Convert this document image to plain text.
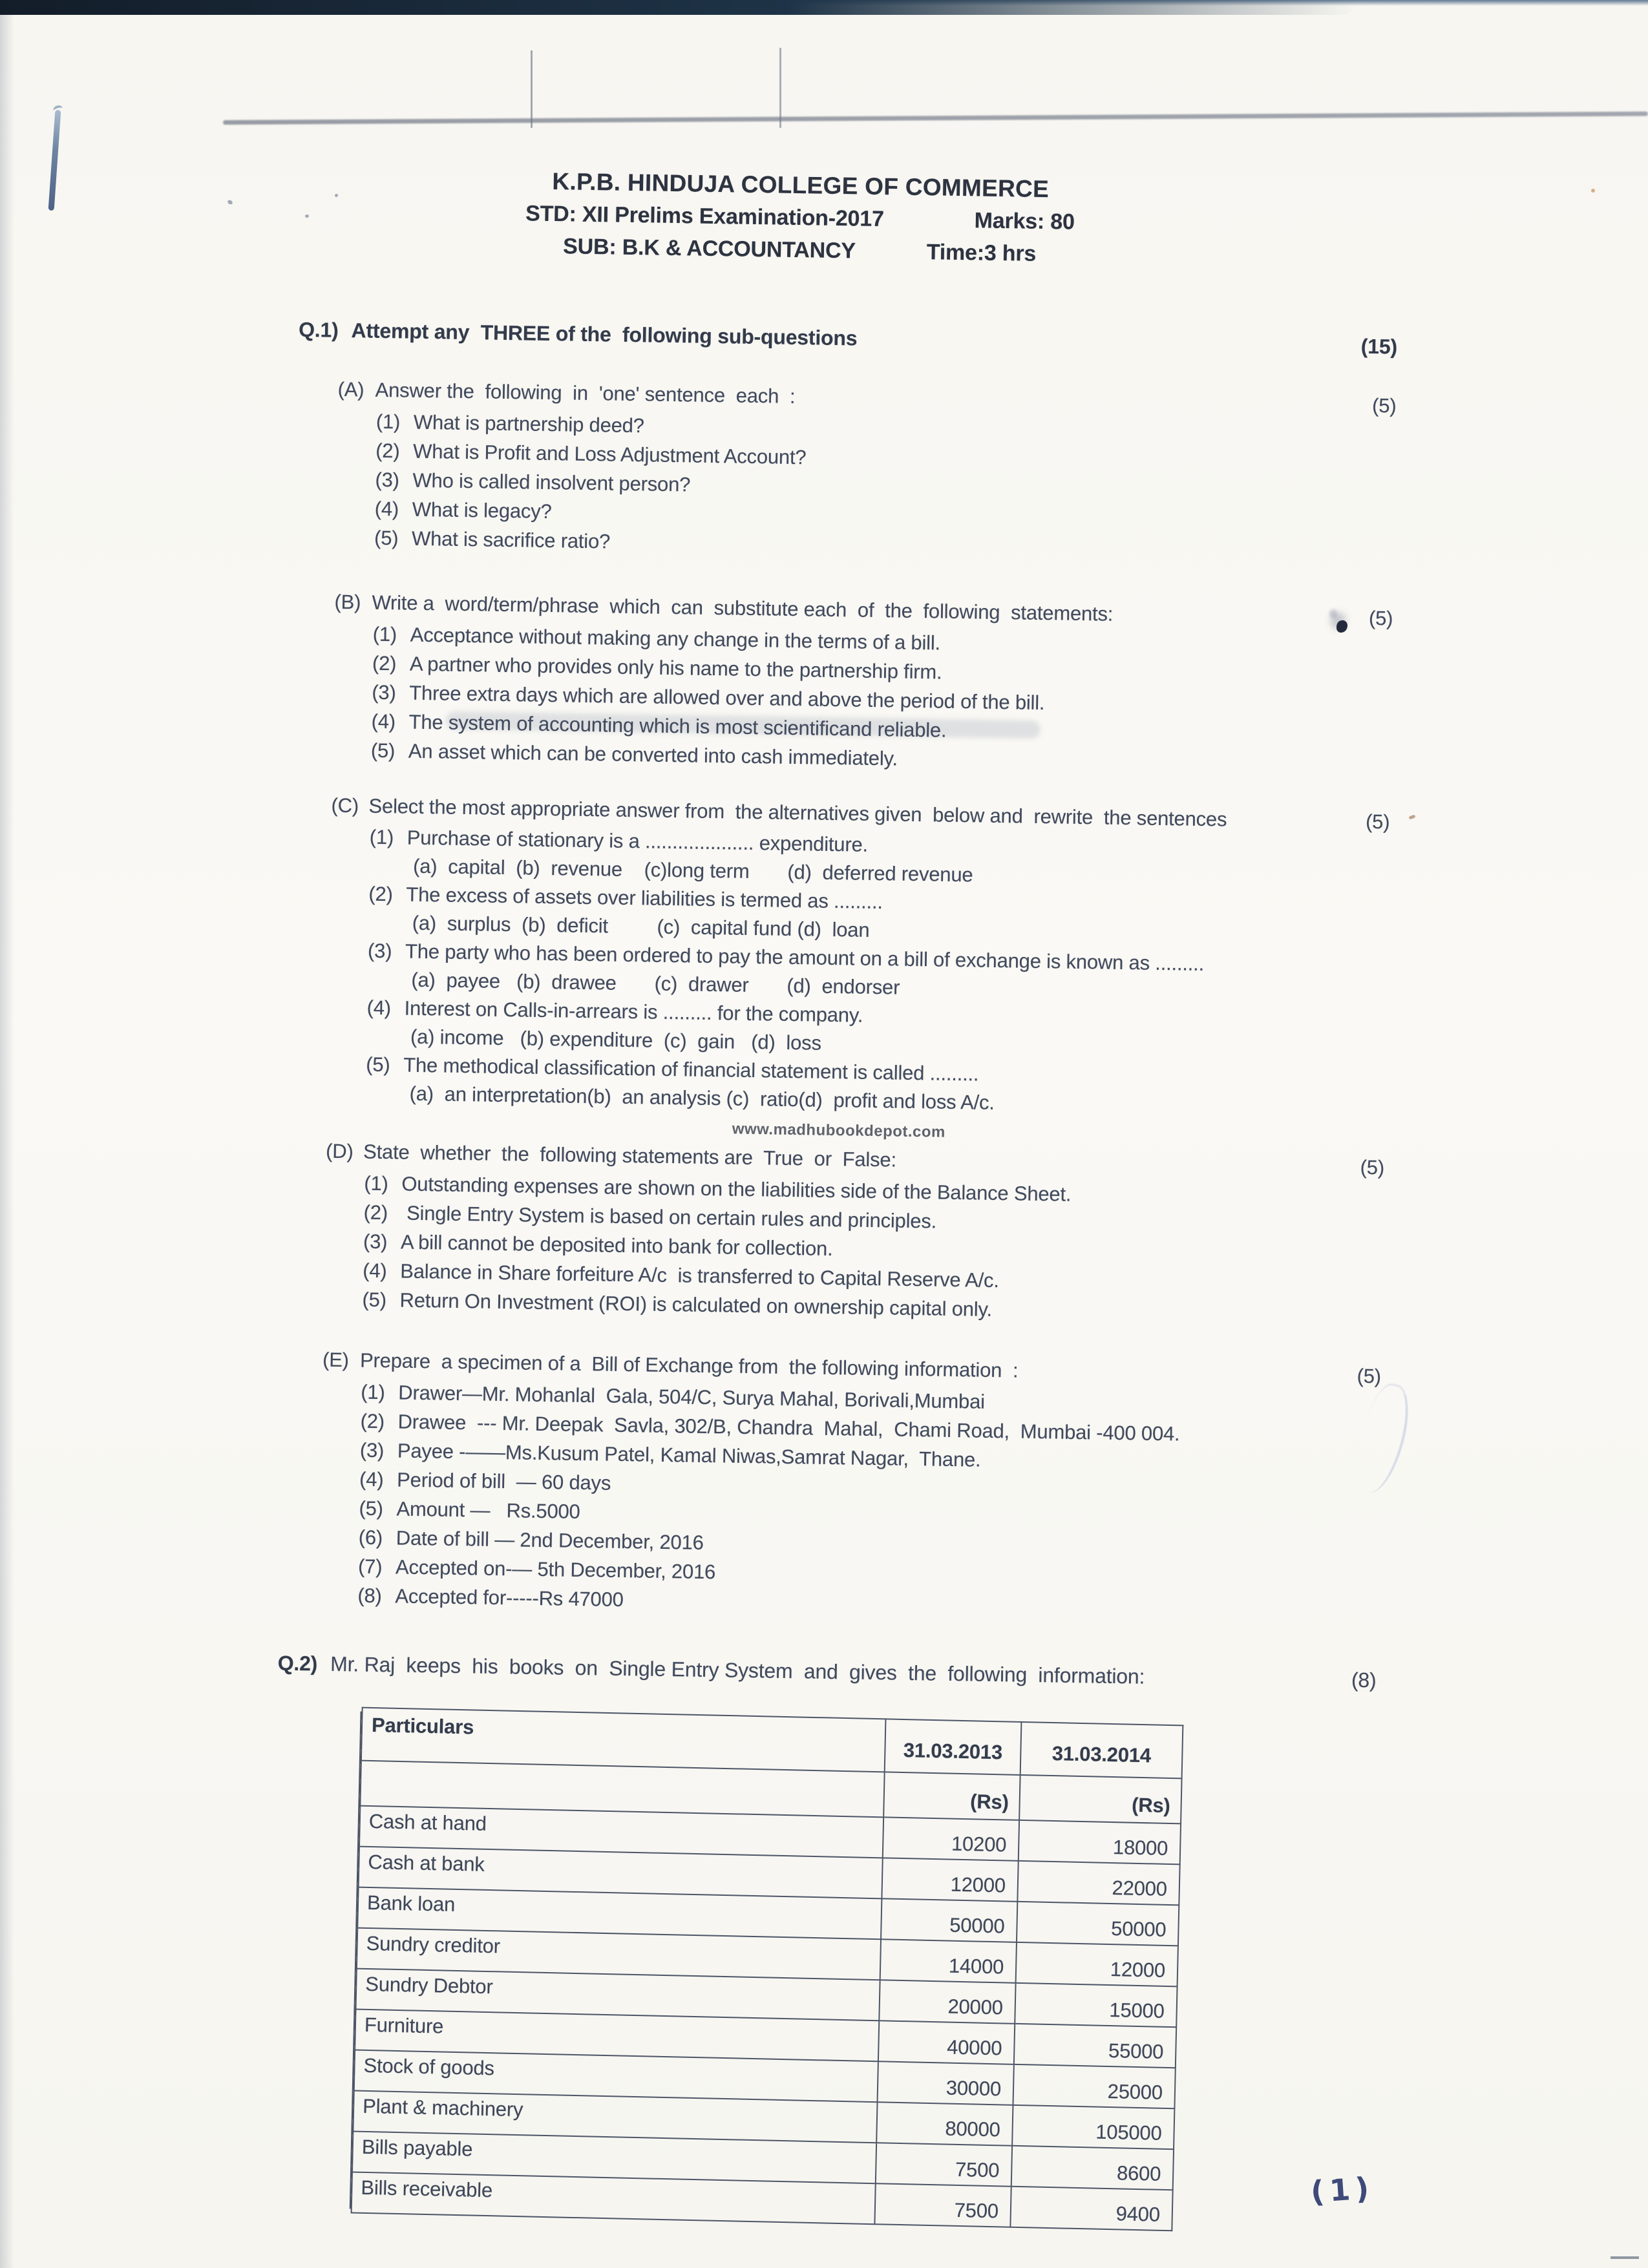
K.P.B. HINDUJA COLLEGE OF COMMERCE
STD: XII Prelims Examination-2017	Marks: 80
SUB: B.K & ACCOUNTANCY	Time:3 hrs
Q.1) Attempt any  THREE of the  following sub-questions	(15)
(A) Answer the  following  in  'one' sentence  each  :	(5)
(1) What is partnership deed?
(2) What is Profit and Loss Adjustment Account?
(3) Who is called insolvent person?
(4) What is legacy?
(5) What is sacrifice ratio?
(B) Write a  word/term/phrase  which  can  substitute each  of  the  following  statements:	(5)
(1) Acceptance without making any change in the terms of a bill.
(2) A partner who provides only his name to the partnership firm.
(3) Three extra days which are allowed over and above the period of the bill.
(4) The system of accounting which is most scientificand reliable.
(5) An asset which can be converted into cash immediately.
(C) Select the most appropriate answer from  the alternatives given  below and  rewrite  the sentences	(5)
(1) Purchase of stationary is a .................... expenditure.
(a)  capital  (b)  revenue    (c)long term       (d)  deferred revenue
(2) The excess of assets over liabilities is termed as .........
(a)  surplus  (b)  deficit         (c)  capital fund (d)  loan
(3) The party who has been ordered to pay the amount on a bill of exchange is known as .........
(a)  payee   (b)  drawee       (c)  drawer       (d)  endorser
(4) Interest on Calls-in-arrears is ......... for the company.
(a) income   (b) expenditure  (c)  gain   (d)  loss
(5) The methodical classification of financial statement is called .........
(a)  an interpretation(b)  an analysis (c)  ratio(d)  profit and loss A/c.
www.madhubookdepot.com
(D) State  whether  the  following statements are  True  or  False:	(5)
(1) Outstanding expenses are shown on the liabilities side of the Balance Sheet.
(2) Single Entry System is based on certain rules and principles.
(3) A bill cannot be deposited into bank for collection.
(4) Balance in Share forfeiture A/c  is transferred to Capital Reserve A/c.
(5) Return On Investment (ROI) is calculated on ownership capital only.
(E) Prepare  a specimen of a  Bill of Exchange from  the following information  :	(5)
(1) Drawer—Mr. Mohanlal  Gala, 504/C, Surya Mahal, Borivali,Mumbai
(2) Drawee  --- Mr. Deepak  Savla, 302/B, Chandra  Mahal,  Chami Road,  Mumbai -400 004.
(3) Payee -——Ms.Kusum Patel, Kamal Niwas,Samrat Nagar,  Thane.
(4) Period of bill  — 60 days
(5) Amount —   Rs.5000
(6) Date of bill — 2nd December, 2016
(7) Accepted on-— 5th December, 2016
(8) Accepted for-----Rs 47000
Q.2) Mr. Raj  keeps  his  books  on  Single Entry System  and  gives  the  following  information:	(8)
Particulars	31.03.2013	31.03.2014
	(Rs)	(Rs)
Cash at hand	10200	18000
Cash at bank	12000	22000
Bank loan	50000	50000
Sundry creditor	14000	12000
Sundry Debtor	20000	15000
Furniture	40000	55000
Stock of goods	30000	25000
Plant & machinery	80000	105000
Bills payable	7500	8600
Bills receivable	7500	9400
(1)
